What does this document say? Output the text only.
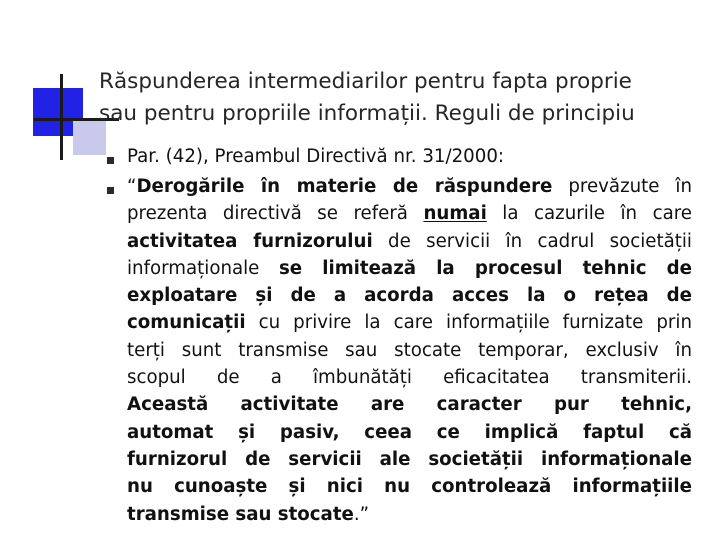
Răspunderea intermediarilor pentru fapta proprie
sau pentru propriile informații. Reguli de principiu
Par. (42), Preambul Directivă nr. 31/2000:
“Derogările în materie de răspundere prevăzute în
prezenta directivă se referă numai la cazurile în care
activitatea furnizorului de servicii în cadrul societății
informaționale se limitează la procesul tehnic de
exploatare și de a acorda acces la o rețea de
comunicații cu privire la care informațiile furnizate prin
terți sunt transmise sau stocate temporar, exclusiv în
scopul de a îmbunătăți eficacitatea transmiterii.
Această activitate are caracter pur tehnic,
automat și pasiv, ceea ce implică faptul că
furnizorul de servicii ale societății informaționale
nu cunoaște și nici nu controlează informațiile
transmise sau stocate.”
